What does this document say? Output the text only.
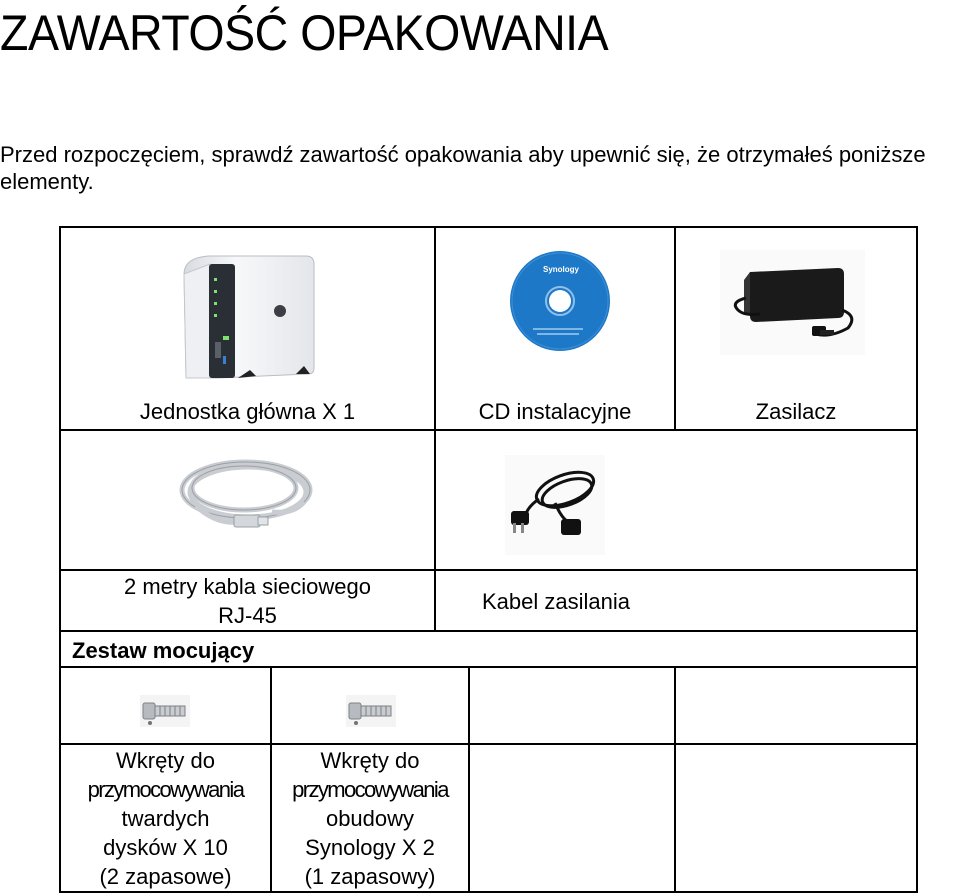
ZAWARTOŚĆ OPAKOWANIA
Przed rozpoczęciem, sprawdź zawartość opakowania aby upewnić się, że otrzymałeś poniższe elementy.
Jednostka główna X 1	CD instalacyjne	Zasilacz
2 metry kabla sieciowego
RJ-45
Kabel zasilania
Zestaw mocujący
Wkręty do
przymocowywania
twardych
dysków X 10
(2 zapasowe)
Wkręty do
przymocowywania
obudowy
Synology X 2
(1 zapasowy)
Synology
